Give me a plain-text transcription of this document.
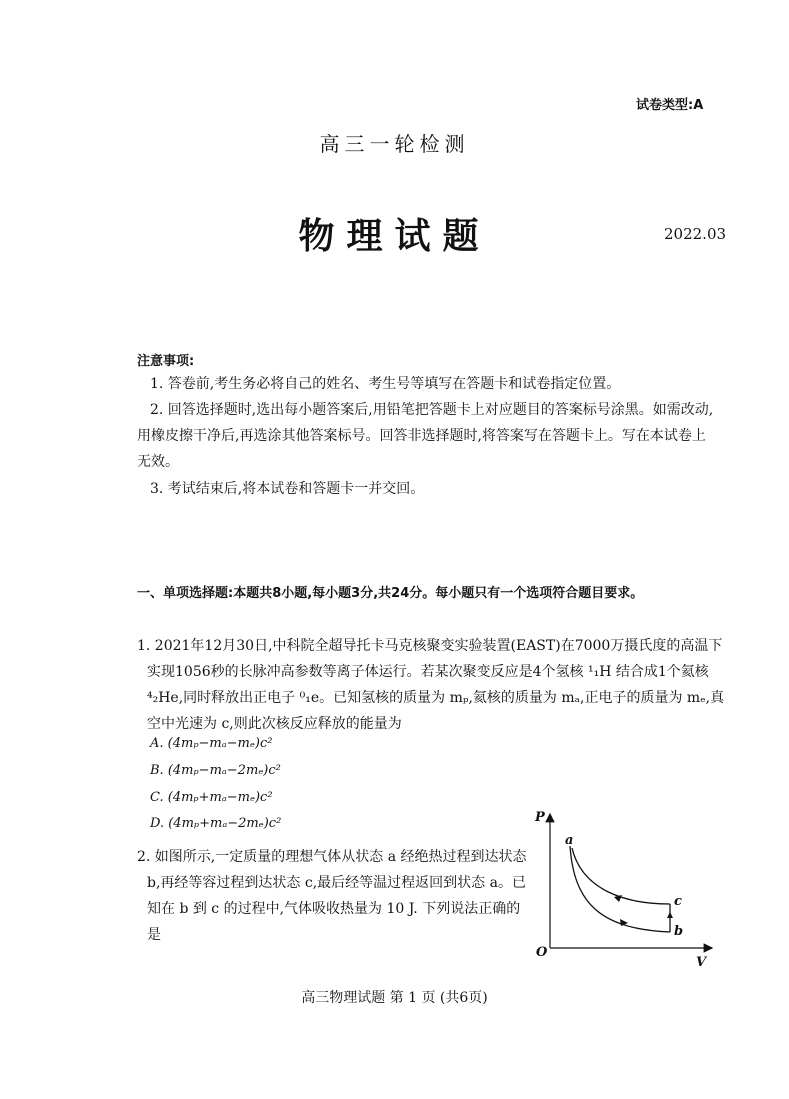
试卷类型:A
高三一轮检测
物理试题	2022.03
注意事项:
1. 答卷前,考生务必将自己的姓名、考生号等填写在答题卡和试卷指定位置。
2. 回答选择题时,选出每小题答案后,用铅笔把答题卡上对应题目的答案标号涂黑。如需改动,用橡皮擦干净后,再选涂其他答案标号。回答非选择题时,将答案写在答题卡上。写在本试卷上无效。
3. 考试结束后,将本试卷和答题卡一并交回。
一、单项选择题:本题共8小题,每小题3分,共24分。每小题只有一个选项符合题目要求。
1. 2021年12月30日,中科院全超导托卡马克核聚变实验装置(EAST)在7000万摄氏度的高温下实现1056秒的长脉冲高参数等离子体运行。若某次聚变反应是4个氢核 ¹₁H 结合成1个氦核 ⁴₂He,同时释放出正电子 ⁰₁e。已知氢核的质量为 mₚ,氦核的质量为 mₐ,正电子的质量为 mₑ,真空中光速为 c,则此次核反应释放的能量为
A. (4mₚ−mₐ−mₑ)c²
B. (4mₚ−mₐ−2mₑ)c²
C. (4mₚ+mₐ−mₑ)c²
D. (4mₚ+mₐ−2mₑ)c²
2. 如图所示,一定质量的理想气体从状态 a 经绝热过程到达状态 b,再经等容过程到达状态 c,最后经等温过程返回到状态 a。已知在 b 到 c 的过程中,气体吸收热量为 10 J. 下列说法正确的是
P
V
O
a
b
c
高三物理试题 第 1 页 (共6页)
